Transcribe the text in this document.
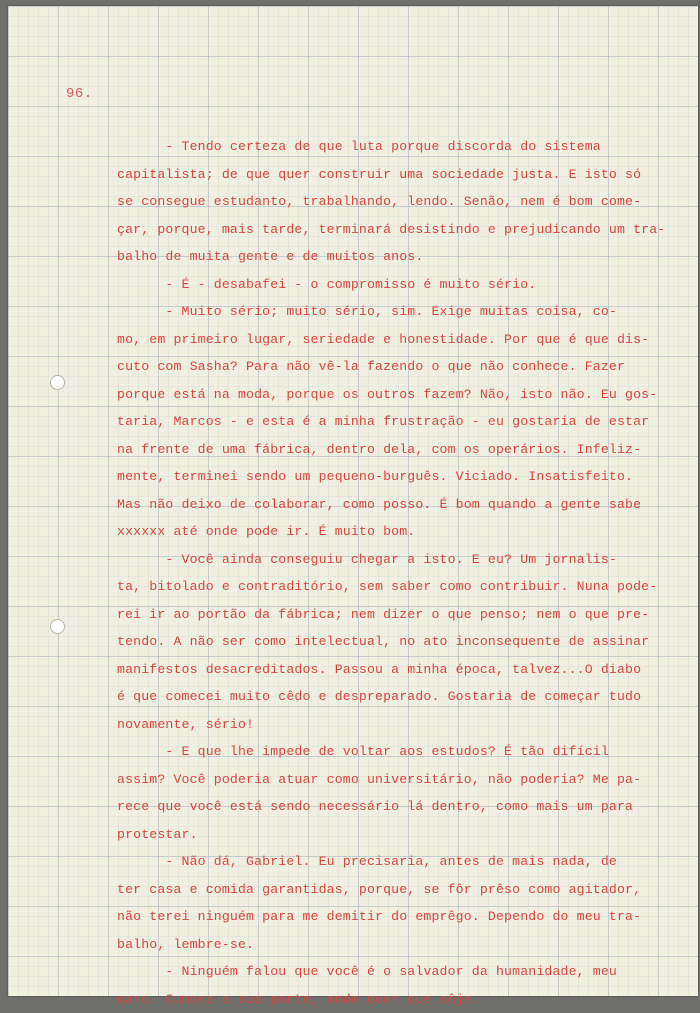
96.
- Tendo certeza de que luta porque discorda do sistema
capitalista; de que quer construir uma sociedade justa. E isto só
se consegue estudanto, trabalhando, lendo. Senão, nem é bom come-
çar, porque, mais tarde, terminará desistindo e prejudicando um tra-
balho de muita gente e de muitos anos.
- É - desabafei - o compromisso é muito sério.
- Muito sério; muito sério, sim. Exige muitas coisa, co-
mo, em primeiro lugar, seriedade e honestidade. Por que é que dis-
cuto com Sasha? Para não vê-la fazendo o que não conhece. Fazer
porque está na moda, porque os outros fazem? Não, isto não. Eu gos-
taria, Marcos - e esta é a minha frustração - eu gostaria de estar
na frente de uma fábrica, dentro dela, com os operários. Infeliz-
mente, terminei sendo um pequeno-burguês. Viciado. Insatisfeito.
Mas não deixo de colaborar, como posso. É bom quando a gente sabe
xxxxxx até onde pode ir. É muito bom.
- Você ainda conseguiu chegar a isto. E eu? Um jornalis-
ta, bitolado e contraditório, sem saber como contribuir. Nuna pode-
rei ir ao portão da fábrica; nem dizer o que penso; nem o que pre-
tendo. A não ser como intelectual, no ato inconsequente de assinar
manifestos desacreditados. Passou a minha época, talvez...O diabo
é que comecei muito cêdo e despreparado. Gostaria de começar tudo
novamente, sério!
- E que lhe impede de voltar aos estudos? É tão difícil
assim? Você poderia atuar como universitário, não poderia? Me pa-
rece que você está sendo necessário lá dentro, como mais um para
protestar.
- Não dá, Gabriel. Eu precisaria, antes de mais nada, de
ter casa e comida garantidas, porque, se fôr prêso como agitador,
não terei ninguém para me demitir do emprêgo. Dependo do meu tra-
balho, lembre-se.
- Ninguém falou que você é o salvador da humanidade, meu
caro. Cumpra a sua parte, onde quer que sêja.
